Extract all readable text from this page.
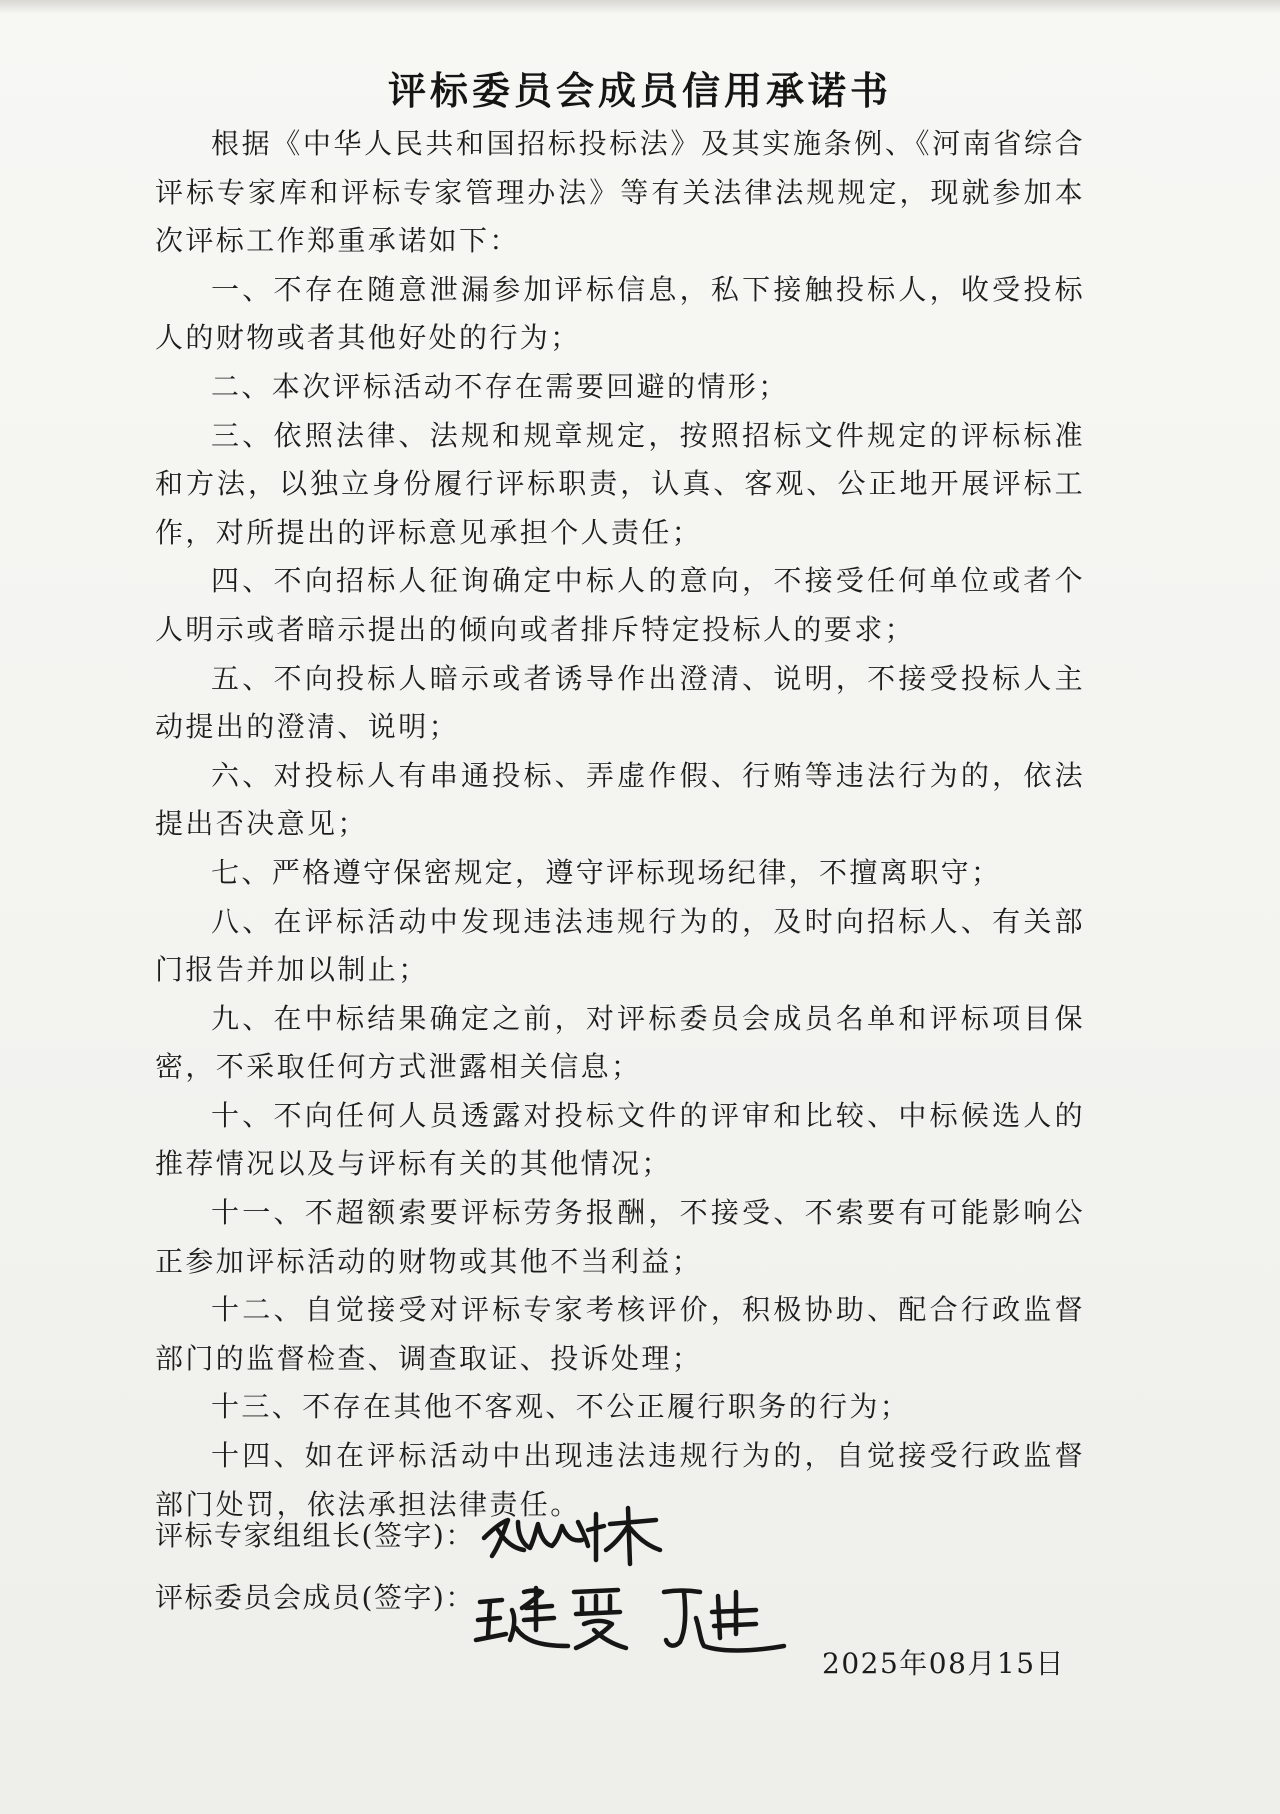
评标委员会成员信用承诺书

根据《中华人民共和国招标投标法》及其实施条例、《河南省综合评标专家库和评标专家管理办法》等有关法律法规规定，现就参加本次评标工作郑重承诺如下：

一、不存在随意泄漏参加评标信息，私下接触投标人，收受投标人的财物或者其他好处的行为；

二、本次评标活动不存在需要回避的情形；

三、依照法律、法规和规章规定，按照招标文件规定的评标标准和方法，以独立身份履行评标职责，认真、客观、公正地开展评标工作，对所提出的评标意见承担个人责任；

四、不向招标人征询确定中标人的意向，不接受任何单位或者个人明示或者暗示提出的倾向或者排斥特定投标人的要求；

五、不向投标人暗示或者诱导作出澄清、说明，不接受投标人主动提出的澄清、说明；

六、对投标人有串通投标、弄虚作假、行贿等违法行为的，依法提出否决意见；

七、严格遵守保密规定，遵守评标现场纪律，不擅离职守；

八、在评标活动中发现违法违规行为的，及时向招标人、有关部门报告并加以制止；

九、在中标结果确定之前，对评标委员会成员名单和评标项目保密，不采取任何方式泄露相关信息；

十、不向任何人员透露对投标文件的评审和比较、中标候选人的推荐情况以及与评标有关的其他情况；

十一、不超额索要评标劳务报酬，不接受、不索要有可能影响公正参加评标活动的财物或其他不当利益；

十二、自觉接受对评标专家考核评价，积极协助、配合行政监督部门的监督检查、调查取证、投诉处理；

十三、不存在其他不客观、不公正履行职务的行为；

十四、如在评标活动中出现违法违规行为的，自觉接受行政监督部门处罚，依法承担法律责任。

评标专家组组长(签字)：
评标委员会成员(签字)：
2025年08月15日
